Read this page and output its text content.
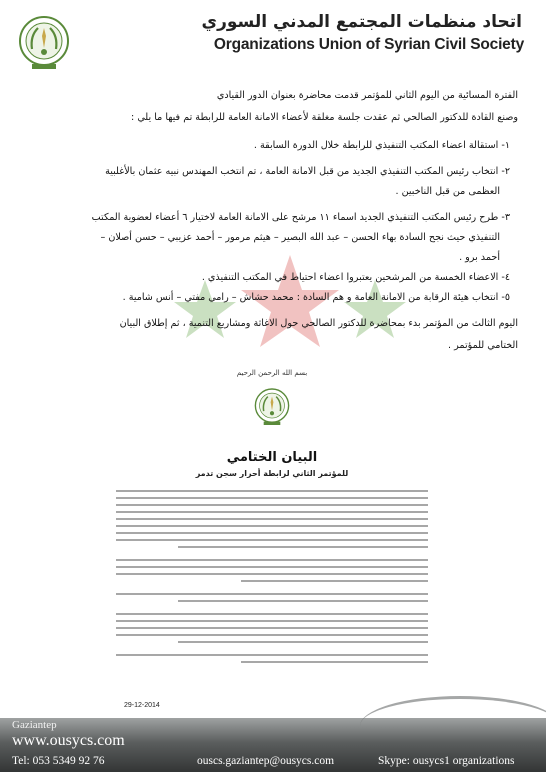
اتحاد منظمات المجتمع المدني السوري
Organizations Union of Syrian Civil Society
الفترة المسائية من اليوم الثاني للمؤتمر قدمت محاضرة بعنوان الدور القيادي
وصنع القادة للدكتور الصالحي ثم عقدت جلسة مغلقة لأعضاء الامانة العامة للرابطة تم فيها ما يلي :
١- استقالة اعضاء المكتب التنفيذي للرابطة خلال الدورة السابقة .
٢- انتخاب رئيس المكتب التنفيذي الجديد من قبل الامانة العامة ، تم انتخب المهندس نبيه عثمان بالأغلبية
العظمى من قبل الناخبين .
٣- طرح رئيس المكتب التنفيذي الجديد اسماء ١١ مرشح على الامانة العامة لاختيار ٦ أعضاء لعضوية المكتب
التنفيذي حيث نجح السادة بهاء الحسن – عبد الله البصير – هيثم مرمور – أحمد عزيبي – حسن أصلان –
أحمد برو .
٤- الاعضاء الخمسة من المرشحين يعتبروا اعضاء احتياط في المكتب التنفيذي .
٥- انتخاب هيئة الرقابة من الامانة العامة و هم السادة : محمد حشاش – رامي مفتي – أنس شامية .
اليوم الثالث من المؤتمر بدء بمحاضرة للدكتور الصالحي حول الاغاثة ومشاريع التنمية ، ثم إطلاق البيان
الختامي للمؤتمر .
بسم الله الرحمن الرحيم
البيان الختامي
للمؤتمر الثاني لرابطة أحرار سجن تدمر
29-12-2014
Gaziantep
www.ousycs.com
Tel: 053 5349 92 76	ouscs.gaziantep@ousycs.com	Skype: ousycs1 organizations
